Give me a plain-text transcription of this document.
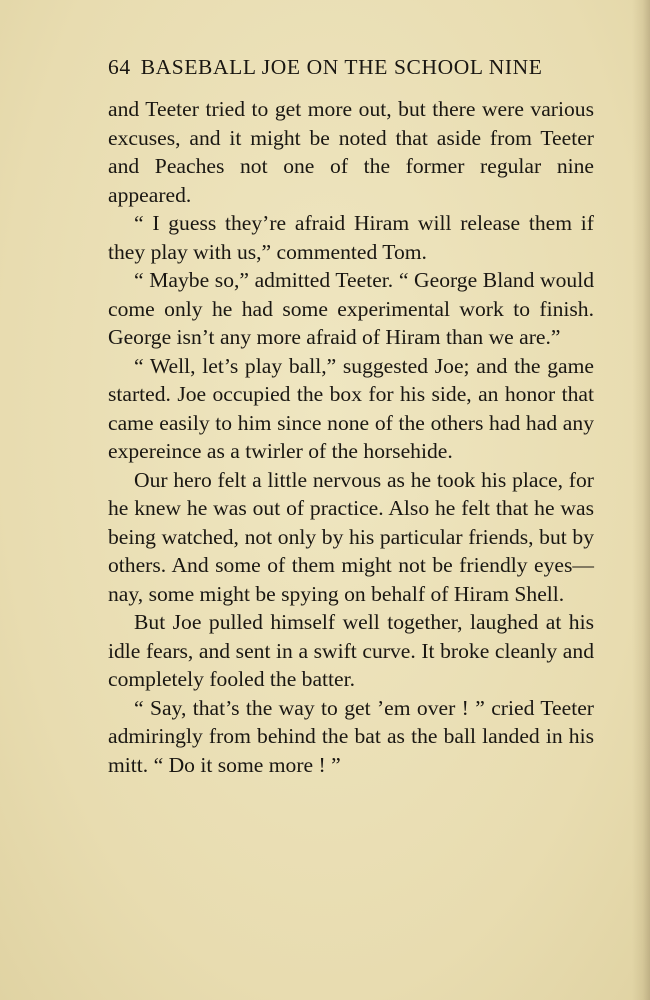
64 BASEBALL JOE ON THE SCHOOL NINE

and Teeter tried to get more out, but there were various excuses, and it might be noted that aside from Teeter and Peaches not one of the former regular nine appeared.

“ I guess they’re afraid Hiram will release them if they play with us,” commented Tom.

“ Maybe so,” admitted Teeter. “ George Bland would come only he had some experimental work to finish. George isn’t any more afraid of Hiram than we are.”

“ Well, let’s play ball,” suggested Joe; and the game started. Joe occupied the box for his side, an honor that came easily to him since none of the others had had any expereince as a twirler of the horsehide.

Our hero felt a little nervous as he took his place, for he knew he was out of practice. Also he felt that he was being watched, not only by his particular friends, but by others. And some of them might not be friendly eyes—nay, some might be spying on behalf of Hiram Shell.

But Joe pulled himself well together, laughed at his idle fears, and sent in a swift curve. It broke cleanly and completely fooled the batter.

“ Say, that’s the way to get ’em over ! ” cried Teeter admiringly from behind the bat as the ball landed in his mitt. “ Do it some more ! ”
